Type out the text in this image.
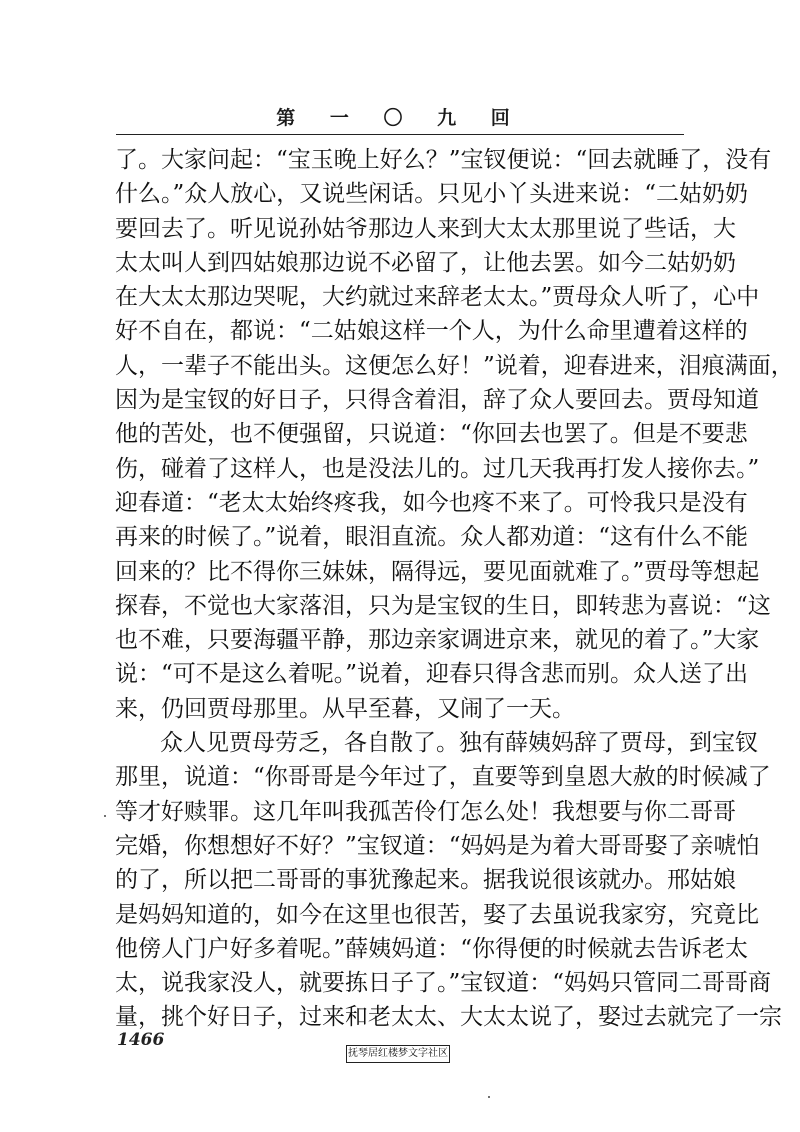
第 一 〇 九 回
了。大家问起：“宝玉晚上好么？”宝钗便说：“回去就睡了，没有
什么。”众人放心，又说些闲话。只见小丫头进来说：“二姑奶奶
要回去了。听见说孙姑爷那边人来到大太太那里说了些话，大
太太叫人到四姑娘那边说不必留了，让他去罢。如今二姑奶奶
在大太太那边哭呢，大约就过来辞老太太。”贾母众人听了，心中
好不自在，都说：“二姑娘这样一个人，为什么命里遭着这样的
人，一辈子不能出头。这便怎么好！”说着，迎春进来，泪痕满面，
因为是宝钗的好日子，只得含着泪，辞了众人要回去。贾母知道
他的苦处，也不便强留，只说道：“你回去也罢了。但是不要悲
伤，碰着了这样人，也是没法儿的。过几天我再打发人接你去。”
迎春道：“老太太始终疼我，如今也疼不来了。可怜我只是没有
再来的时候了。”说着，眼泪直流。众人都劝道：“这有什么不能
回来的？比不得你三妹妹，隔得远，要见面就难了。”贾母等想起
探春，不觉也大家落泪，只为是宝钗的生日，即转悲为喜说：“这
也不难，只要海疆平静，那边亲家调进京来，就见的着了。”大家
说：“可不是这么着呢。”说着，迎春只得含悲而别。众人送了出
来，仍回贾母那里。从早至暮，又闹了一天。
众人见贾母劳乏，各自散了。独有薛姨妈辞了贾母，到宝钗
那里，说道：“你哥哥是今年过了，直要等到皇恩大赦的时候减了
等才好赎罪。这几年叫我孤苦伶仃怎么处！我想要与你二哥哥
完婚，你想想好不好？”宝钗道：“妈妈是为着大哥哥娶了亲唬怕
的了，所以把二哥哥的事犹豫起来。据我说很该就办。邢姑娘
是妈妈知道的，如今在这里也很苦，娶了去虽说我家穷，究竟比
他傍人门户好多着呢。”薛姨妈道：“你得便的时候就去告诉老太
太，说我家没人，就要拣日子了。”宝钗道：“妈妈只管同二哥哥商
量，挑个好日子，过来和老太太、大太太说了，娶过去就完了一宗
1466
抚琴居红楼梦文字社区
